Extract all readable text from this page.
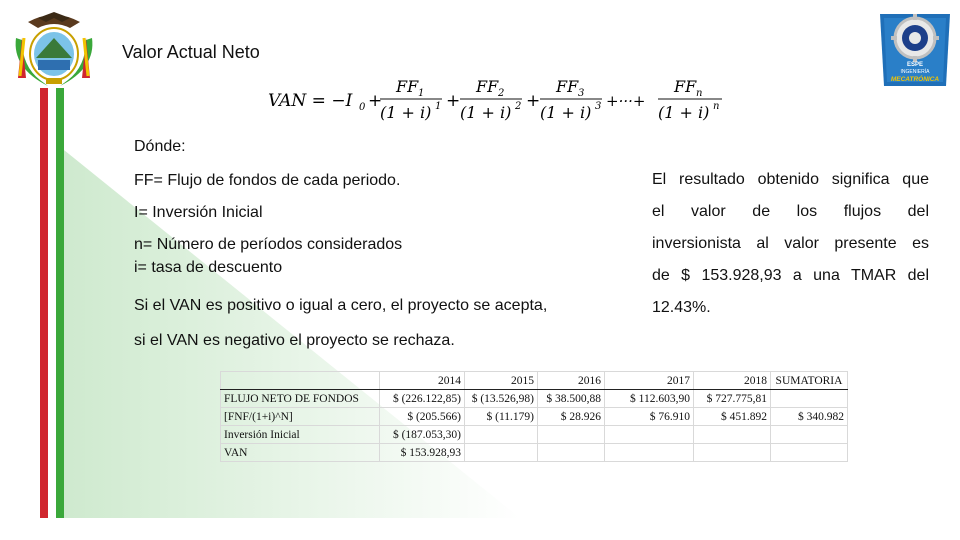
ESPE
INGENIERÍA
MECATRÓNICA
Valor Actual Neto
VAN = −I 0 +
FF 1
(1 + i) 1 +
FF 2
(1 + i) 2 +
FF 3
(1 + i) 3 +···+
FF n
(1 + i) n
Dónde:
FF= Flujo de fondos de cada periodo.
I= Inversión Inicial
n= Número de períodos considerados
i= tasa de descuento
Si el VAN es positivo o igual a cero, el proyecto se acepta,
si el VAN es negativo el proyecto se rechaza.
El resultado obtenido significa que
el valor de los flujos del
inversionista al valor presente es
de $ 153.928,93 a una TMAR del
12.43%.
	2014	2015	2016	2017	2018	SUMATORIA
FLUJO NETO DE FONDOS	$ (226.122,85)	$ (13.526,98)	$ 38.500,88	$ 112.603,90	$ 727.775,81	
[FNF/(1+i)^N]	$ (205.566)	$ (11.179)	$ 28.926	$ 76.910	$ 451.892	$ 340.982
Inversión Inicial	$ (187.053,30)					
VAN	$ 153.928,93					
